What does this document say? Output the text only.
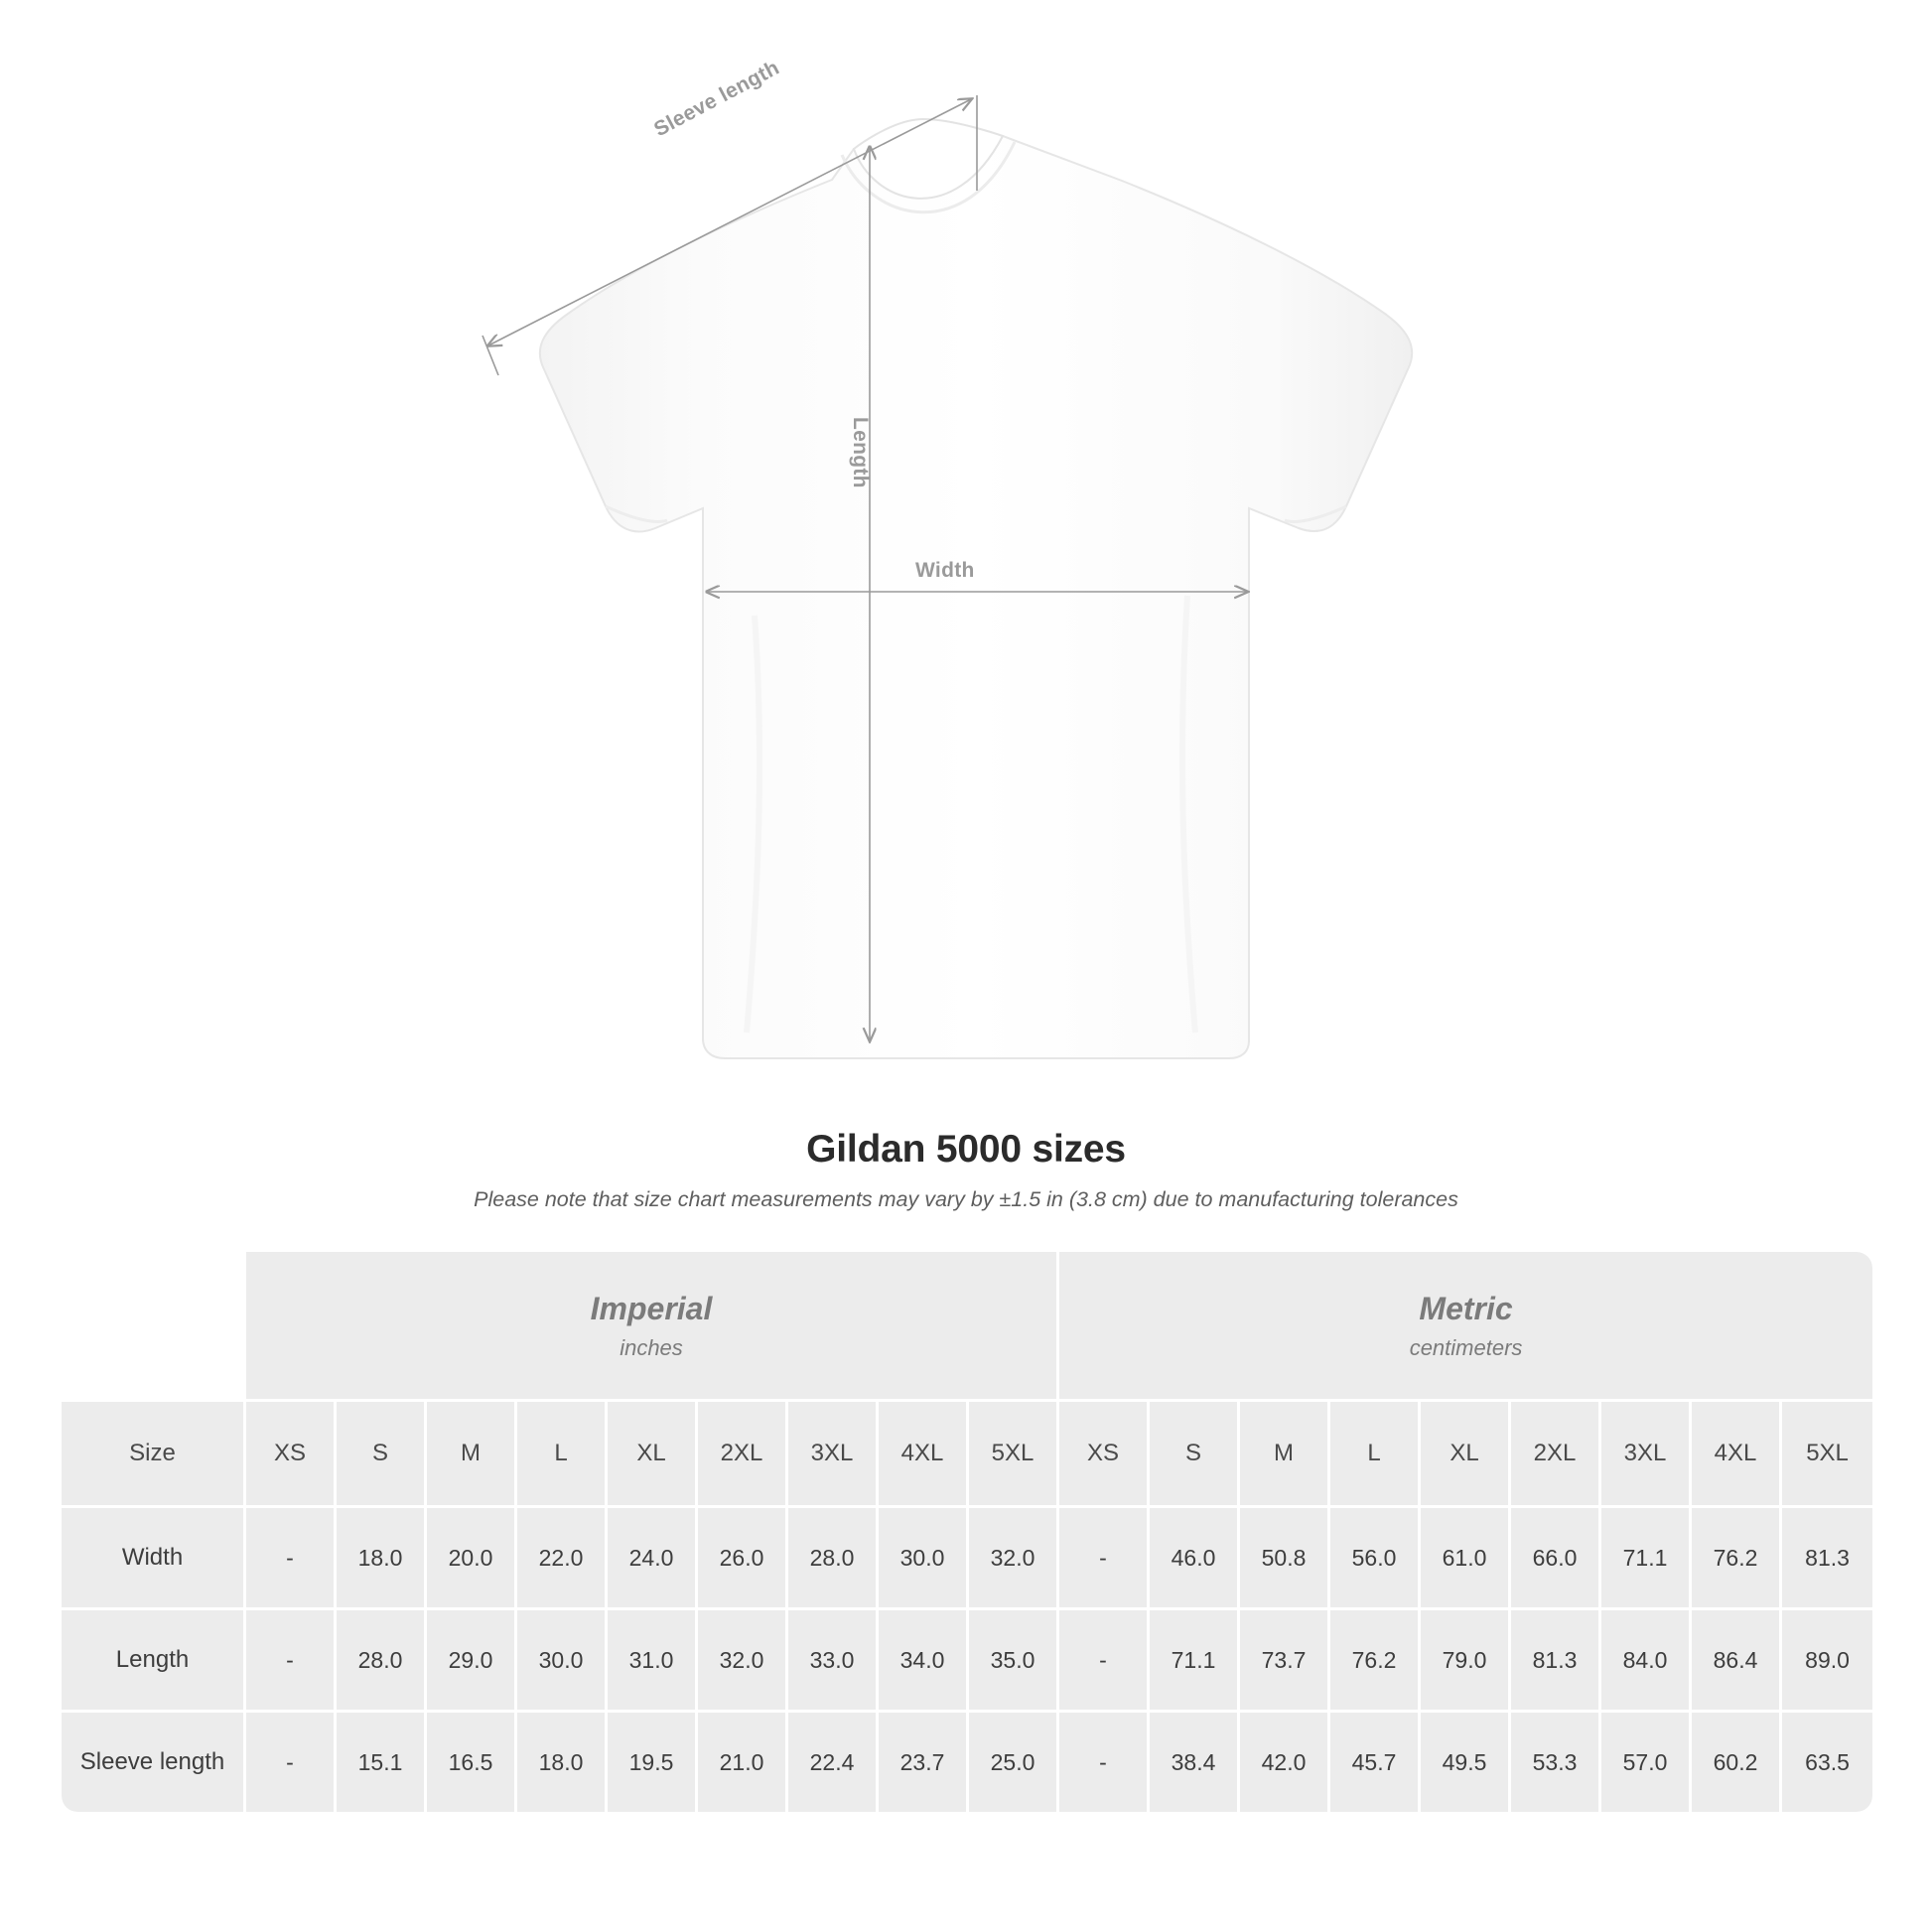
Width
Length
Sleeve length
Gildan 5000 sizes

Please note that size chart measurements may vary by ±1.5 in (3.8 cm) due to manufacturing tolerances

	Imperial
inches									Metric
centimeters								

Size	XS	S	M	L	XL	2XL	3XL	4XL	5XL	XS	S	M	L	XL	2XL	3XL	4XL	5XL
Width	-	18.0	20.0	22.0	24.0	26.0	28.0	30.0	32.0	-	46.0	50.8	56.0	61.0	66.0	71.1	76.2	81.3
Length	-	28.0	29.0	30.0	31.0	32.0	33.0	34.0	35.0	-	71.1	73.7	76.2	79.0	81.3	84.0	86.4	89.0
Sleeve length	-	15.1	16.5	18.0	19.5	21.0	22.4	23.7	25.0	-	38.4	42.0	45.7	49.5	53.3	57.0	60.2	63.5
